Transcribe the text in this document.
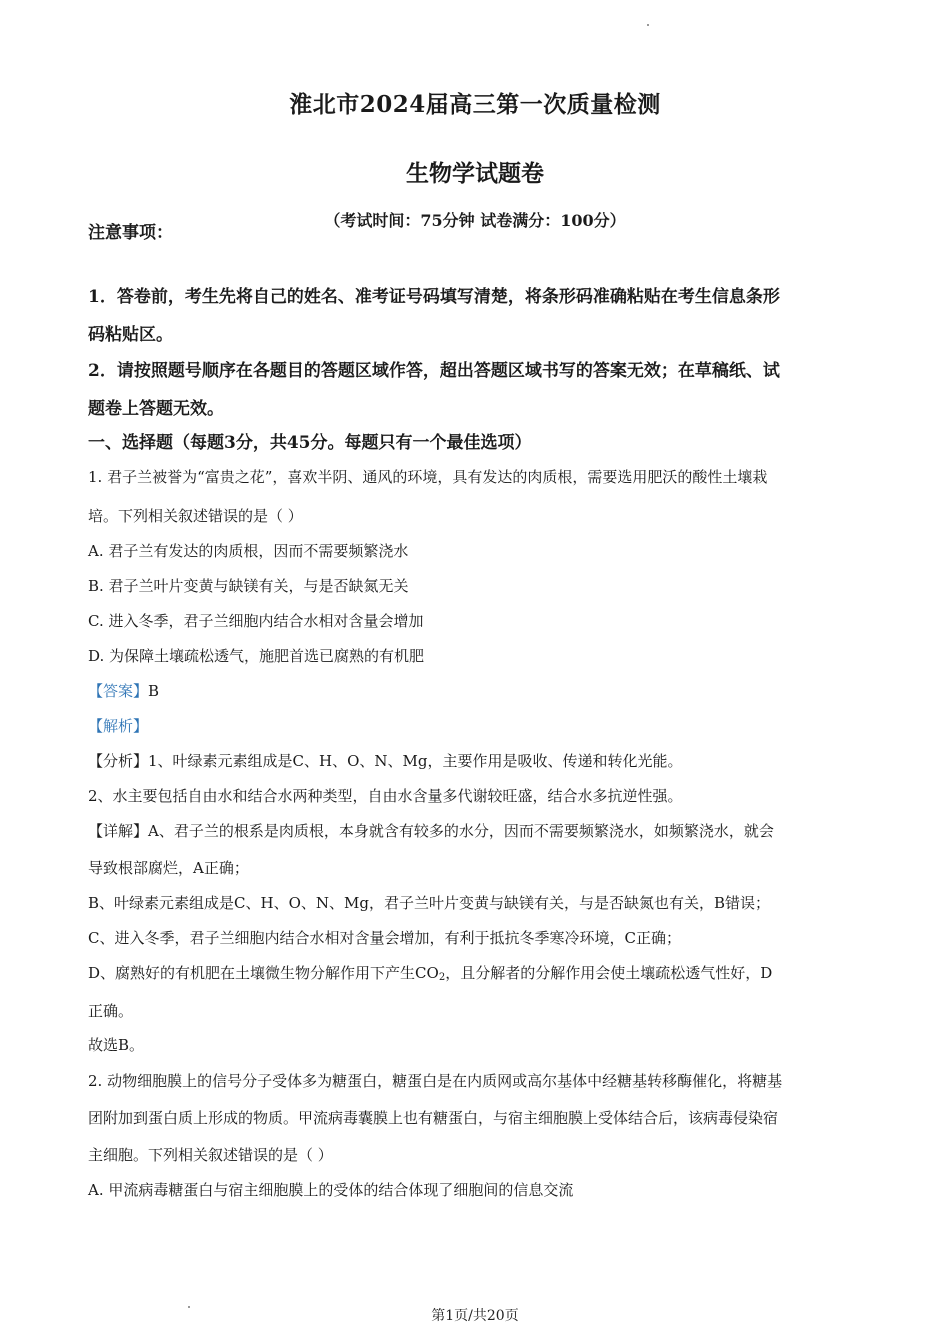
淮北市2024届高三第一次质量检测
生物学试题卷
（考试时间：75分钟 试卷满分：100分）
注意事项：
1．答卷前，考生先将自己的姓名、准考证号码填写清楚，将条形码准确粘贴在考生信息条形
码粘贴区。
2．请按照题号顺序在各题目的答题区域作答，超出答题区域书写的答案无效；在草稿纸、试
题卷上答题无效。
一、选择题（每题3分，共45分。每题只有一个最佳选项）
1. 君子兰被誉为“富贵之花”，喜欢半阴、通风的环境，具有发达的肉质根，需要选用肥沃的酸性土壤栽
培。下列相关叙述错误的是（ ）
A. 君子兰有发达的肉质根，因而不需要频繁浇水
B. 君子兰叶片变黄与缺镁有关，与是否缺氮无关
C. 进入冬季，君子兰细胞内结合水相对含量会增加
D. 为保障土壤疏松透气，施肥首选已腐熟的有机肥
【答案】B
【解析】
【分析】1、叶绿素元素组成是C、H、O、N、Mg，主要作用是吸收、传递和转化光能。
2、水主要包括自由水和结合水两种类型，自由水含量多代谢较旺盛，结合水多抗逆性强。
【详解】A、君子兰的根系是肉质根，本身就含有较多的水分，因而不需要频繁浇水，如频繁浇水，就会
导致根部腐烂，A正确；
B、叶绿素元素组成是C、H、O、N、Mg，君子兰叶片变黄与缺镁有关，与是否缺氮也有关，B错误；
C、进入冬季，君子兰细胞内结合水相对含量会增加，有利于抵抗冬季寒冷环境，C正确；
D、腐熟好的有机肥在土壤微生物分解作用下产生$CO_2$，且分解者的分解作用会使土壤疏松透气性好，D
正确。
故选B。
2. 动物细胞膜上的信号分子受体多为糖蛋白，糖蛋白是在内质网或高尔基体中经糖基转移酶催化，将糖基
团附加到蛋白质上形成的物质。甲流病毒囊膜上也有糖蛋白，与宿主细胞膜上受体结合后，该病毒侵染宿
主细胞。下列相关叙述错误的是（ ）
A. 甲流病毒糖蛋白与宿主细胞膜上的受体的结合体现了细胞间的信息交流
第1页/共20页
